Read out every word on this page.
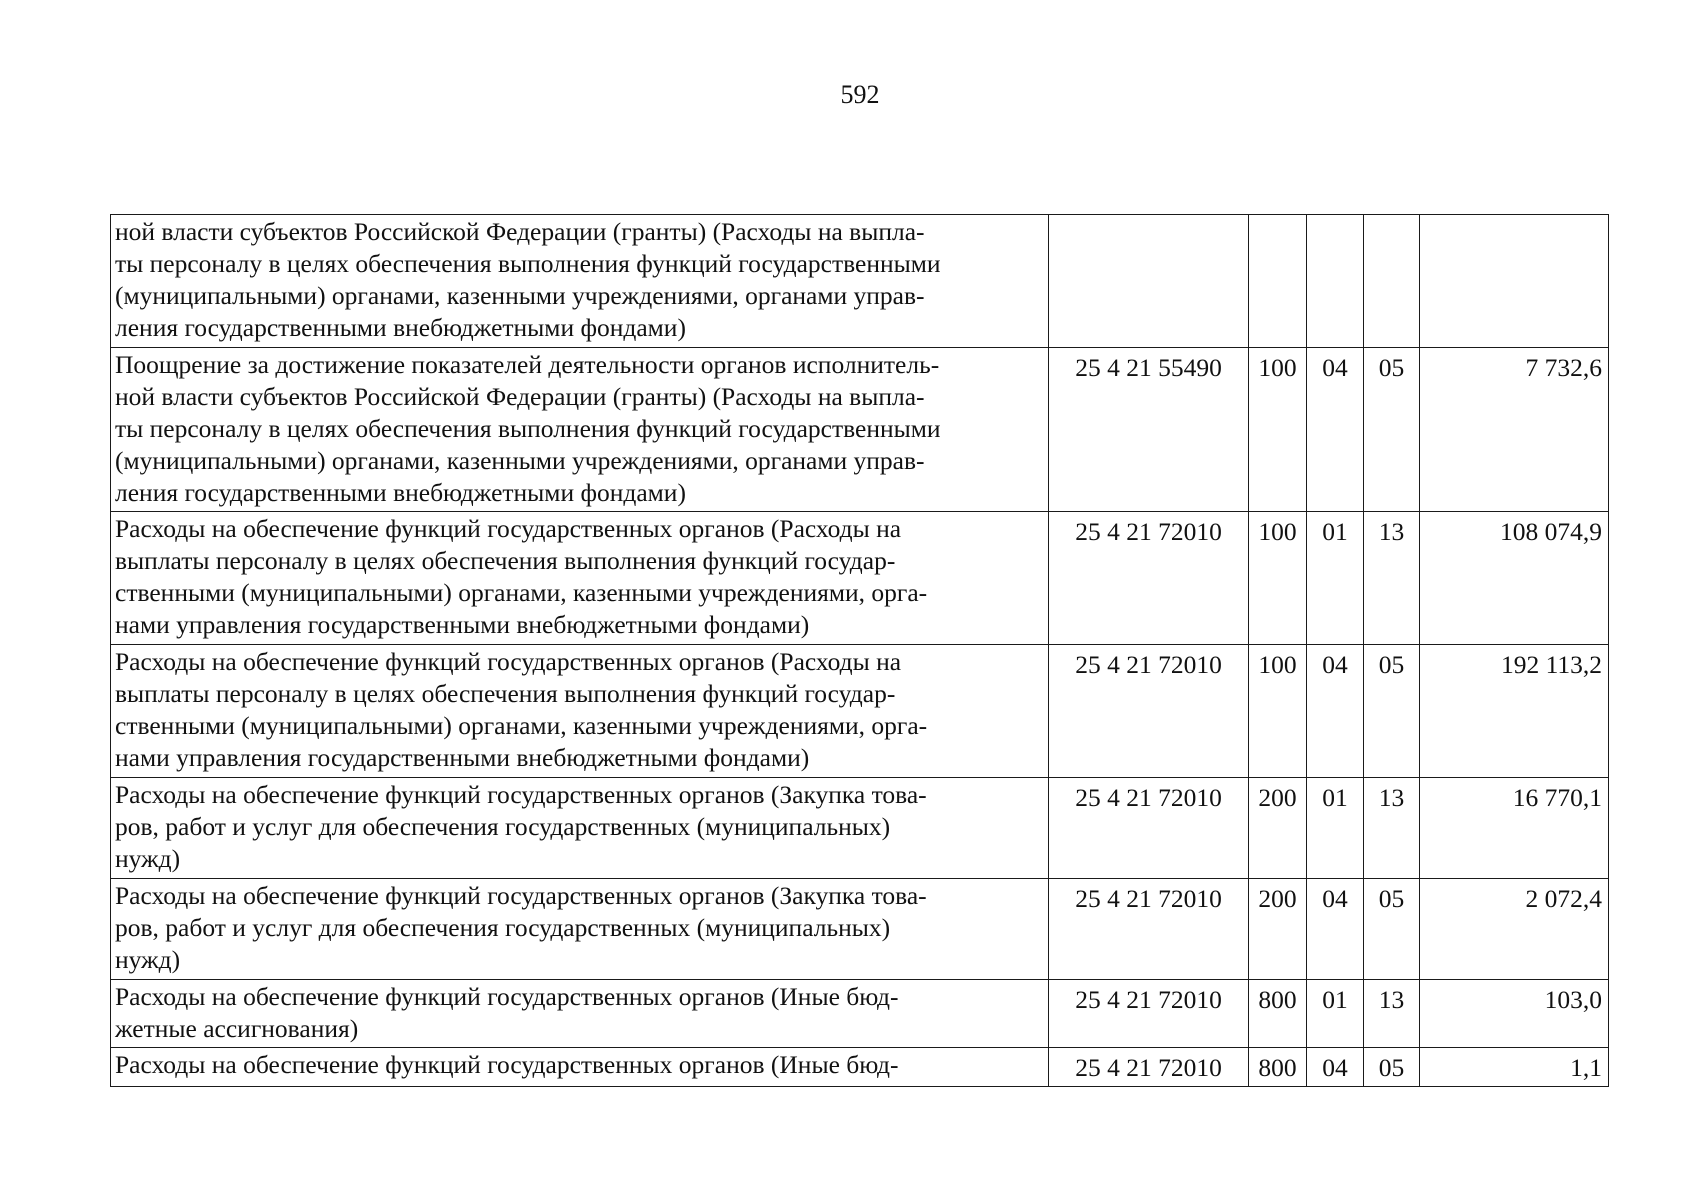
592
ной власти субъектов Российской Федерации (гранты) (Расходы на выпла-
ты персоналу в целях обеспечения выполнения функций государственными
(муниципальными) органами, казенными учреждениями, органами управ-
ления государственными внебюджетными фондами)					

Поощрение за достижение показателей деятельности органов исполнитель-
ной власти субъектов Российской Федерации (гранты) (Расходы на выпла-
ты персоналу в целях обеспечения выполнения функций государственными
(муниципальными) органами, казенными учреждениями, органами управ-
ления государственными внебюджетными фондами)	25 4 21 55490	100	04	05	7 732,6

Расходы на обеспечение функций государственных органов (Расходы на
выплаты персоналу в целях обеспечения выполнения функций государ-
ственными (муниципальными) органами, казенными учреждениями, орга-
нами управления государственными внебюджетными фондами)	25 4 21 72010	100	01	13	108 074,9

Расходы на обеспечение функций государственных органов (Расходы на
выплаты персоналу в целях обеспечения выполнения функций государ-
ственными (муниципальными) органами, казенными учреждениями, орга-
нами управления государственными внебюджетными фондами)	25 4 21 72010	100	04	05	192 113,2

Расходы на обеспечение функций государственных органов (Закупка това-
ров, работ и услуг для обеспечения государственных (муниципальных)
нужд)	25 4 21 72010	200	01	13	16 770,1

Расходы на обеспечение функций государственных органов (Закупка това-
ров, работ и услуг для обеспечения государственных (муниципальных)
нужд)	25 4 21 72010	200	04	05	2 072,4

Расходы на обеспечение функций государственных органов (Иные бюд-
жетные ассигнования)	25 4 21 72010	800	01	13	103,0

Расходы на обеспечение функций государственных органов (Иные бюд-	25 4 21 72010	800	04	05	1,1
